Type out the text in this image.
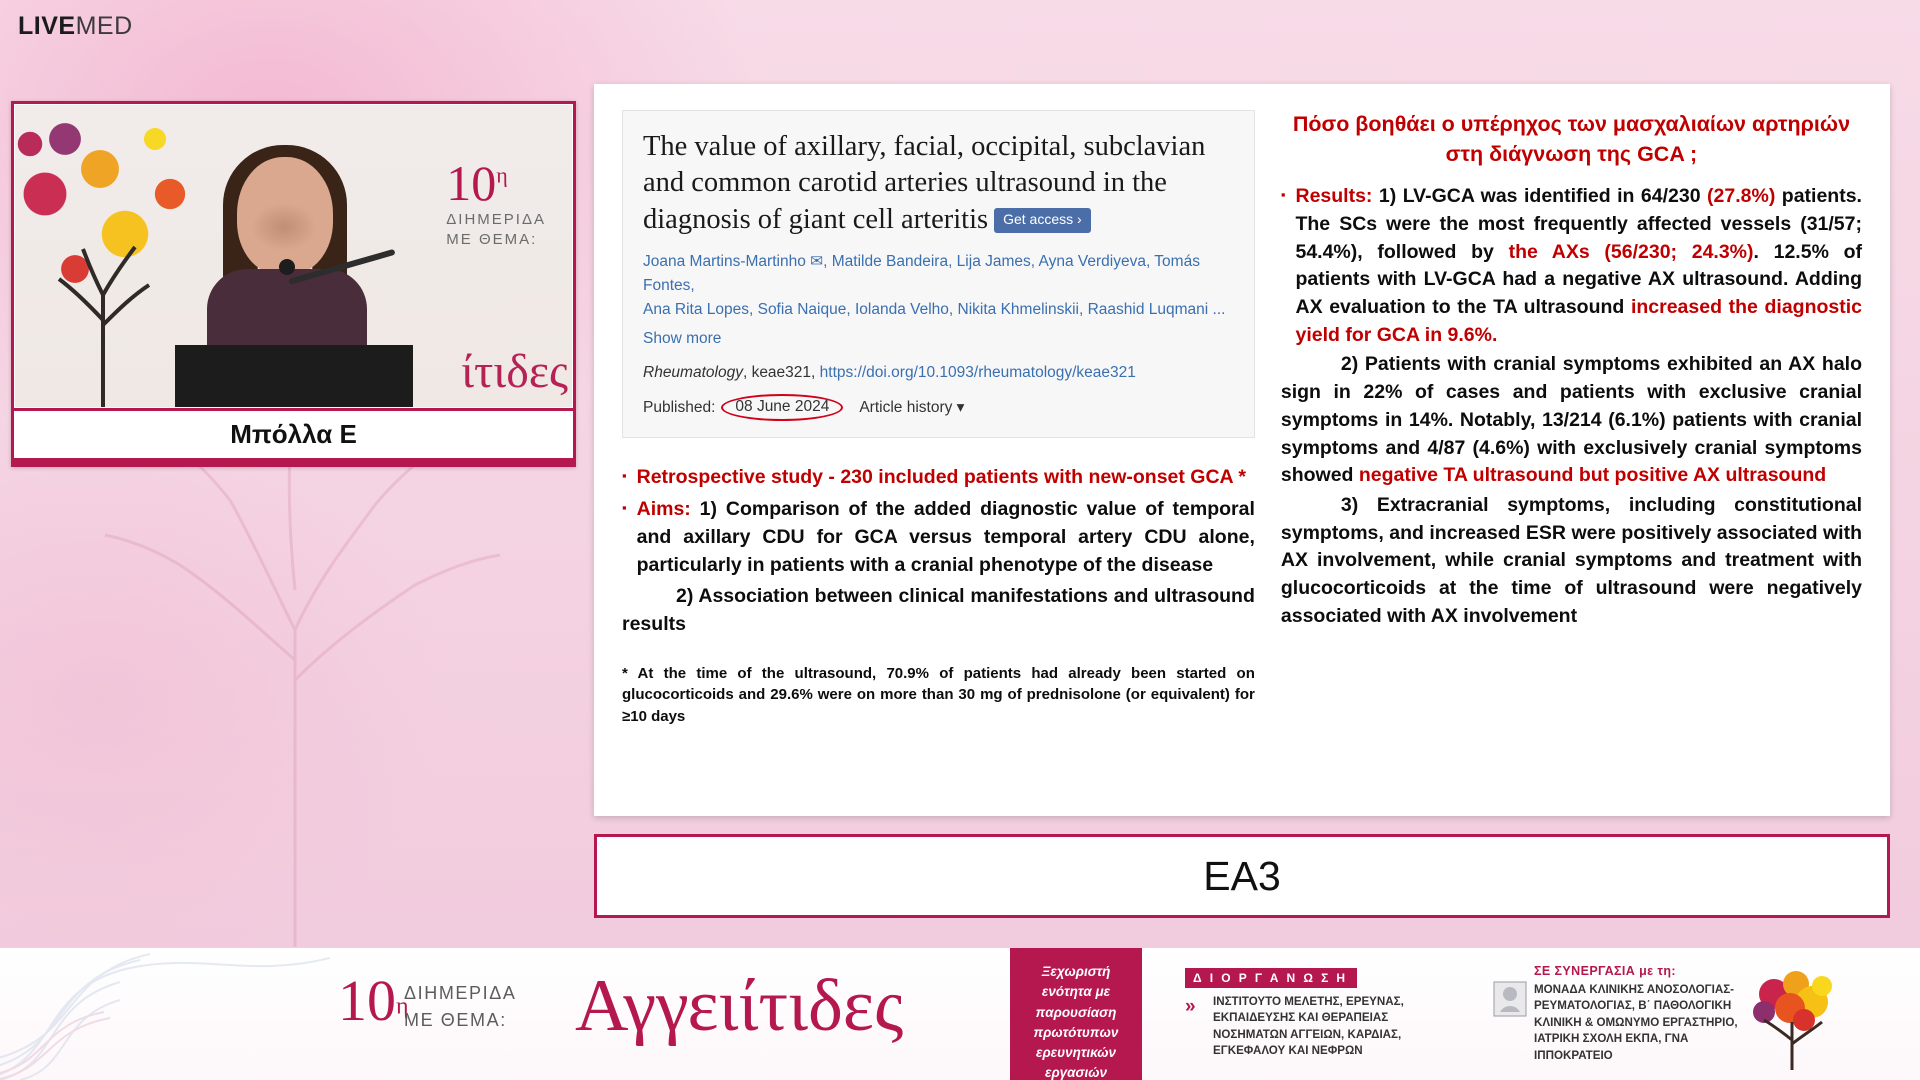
LIVEMED
$10^\eta$
ΔΙΗΜΕΡΙΔΑ
ΜΕ ΘΕΜΑ:
ίτιδες
Μπόλλα Ε
The value of axillary, facial, occipital, subclavian and common carotid arteries ultrasound in the diagnosis of giant cell arteritis Get access ›
Joana Martins-Martinho ✉, Matilde Bandeira, Lija James, Ayna Verdiyeva, Tomás Fontes,
Ana Rita Lopes, Sofia Naique, Iolanda Velho, Nikita Khmelinskii, Raashid Luqmani ...
Show more
Rheumatology, keae321, https://doi.org/10.1093/rheumatology/keae321
Published:	08 June 2024	Article history ▾
▪ Retrospective study - 230 included patients with new-onset GCA *
▪ Aims: 1) Comparison of the added diagnostic value of temporal and axillary CDU for GCA versus temporal artery CDU alone, particularly in patients with a cranial phenotype of the disease
2) Association between clinical manifestations and ultrasound results
* At the time of the ultrasound, 70.9% of patients had already been started on glucocorticoids and 29.6% were on more than 30 mg of prednisolone (or equivalent) for ≥10 days
Πόσο βοηθάει ο υπέρηχος των μασχαλιαίων αρτηριών στη διάγνωση της GCA ;
▪ Results: 1) LV-GCA was identified in 64/230 (27.8%) patients. The SCs were the most frequently affected vessels (31/57; 54.4%), followed by the AXs (56/230; 24.3%). 12.5% of patients with LV-GCA had a negative AX ultrasound. Adding AX evaluation to the TA ultrasound increased the diagnostic yield for GCA in 9.6%.
2) Patients with cranial symptoms exhibited an AX halo sign in 22% of cases and patients with exclusive cranial symptoms in 14%. Notably, 13/214 (6.1%) patients with cranial symptoms and 4/87 (4.6%) with exclusively cranial symptoms showed negative TA ultrasound but positive AX ultrasound
3) Extracranial symptoms, including constitutional symptoms, and increased ESR were positively associated with AX involvement, while cranial symptoms and treatment with glucocorticoids at the time of ultrasound were negatively associated with AX involvement
EA3
10η
ΔΙΗΜΕΡΙΔΑ
ΜΕ ΘΕΜΑ: Αγγειίτιδες	Ξεχωριστή ενότητα με παρουσίαση πρωτότυπων ερευνητικών εργασιών
»
Δ Ι Ο Ρ Γ Α Ν Ω Σ Η
ΙΝΣΤΙΤΟΥΤΟ ΜΕΛΕΤΗΣ, ΕΡΕΥΝΑΣ, ΕΚΠΑΙΔΕΥΣΗΣ ΚΑΙ ΘΕΡΑΠΕΙΑΣ ΝΟΣΗΜΑΤΩΝ ΑΓΓΕΙΩΝ, ΚΑΡΔΙΑΣ, ΕΓΚΕΦΑΛΟΥ ΚΑΙ ΝΕΦΡΩΝ
ΣΕ ΣΥΝΕΡΓΑΣΙΑ με τη:
ΜΟΝΑΔΑ ΚΛΙΝΙΚΗΣ ΑΝΟΣΟΛΟΓΙΑΣ-ΡΕΥΜΑΤΟΛΟΓΙΑΣ, Β΄ ΠΑΘΟΛΟΓΙΚΗ ΚΛΙΝΙΚΗ & ΟΜΩΝΥΜΟ ΕΡΓΑΣΤΗΡΙΟ, ΙΑΤΡΙΚΗ ΣΧΟΛΗ ΕΚΠΑ, ΓΝΑ ΙΠΠΟΚΡΑΤΕΙΟ
